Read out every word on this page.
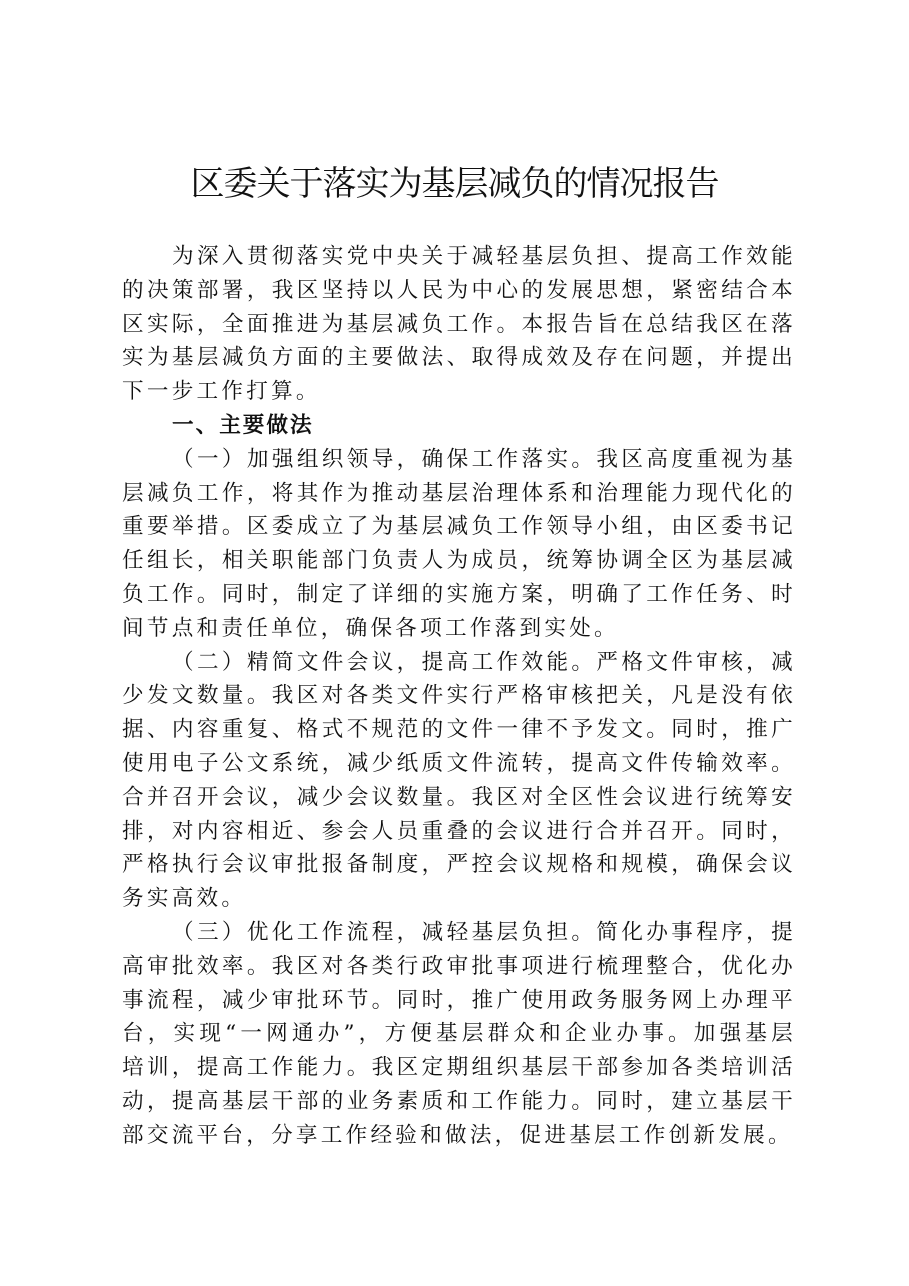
区委关于落实为基层减负的情况报告

为深入贯彻落实党中央关于减轻基层负担、提高工作效能的决策部署，我区坚持以人民为中心的发展思想，紧密结合本区实际，全面推进为基层减负工作。本报告旨在总结我区在落实为基层减负方面的主要做法、取得成效及存在问题，并提出下一步工作打算。

一、主要做法

（一）加强组织领导，确保工作落实。我区高度重视为基层减负工作，将其作为推动基层治理体系和治理能力现代化的重要举措。区委成立了为基层减负工作领导小组，由区委书记任组长，相关职能部门负责人为成员，统筹协调全区为基层减负工作。同时，制定了详细的实施方案，明确了工作任务、时间节点和责任单位，确保各项工作落到实处。

（二）精简文件会议，提高工作效能。严格文件审核，减少发文数量。我区对各类文件实行严格审核把关，凡是没有依据、内容重复、格式不规范的文件一律不予发文。同时，推广使用电子公文系统，减少纸质文件流转，提高文件传输效率。合并召开会议，减少会议数量。我区对全区性会议进行统筹安排，对内容相近、参会人员重叠的会议进行合并召开。同时，严格执行会议审批报备制度，严控会议规格和规模，确保会议务实高效。

（三）优化工作流程，减轻基层负担。简化办事程序，提高审批效率。我区对各类行政审批事项进行梳理整合，优化办事流程，减少审批环节。同时，推广使用政务服务网上办理平台，实现“一网通办”，方便基层群众和企业办事。加强基层培训，提高工作能力。我区定期组织基层干部参加各类培训活动，提高基层干部的业务素质和工作能力。同时，建立基层干部交流平台，分享工作经验和做法，促进基层工作创新发展。
